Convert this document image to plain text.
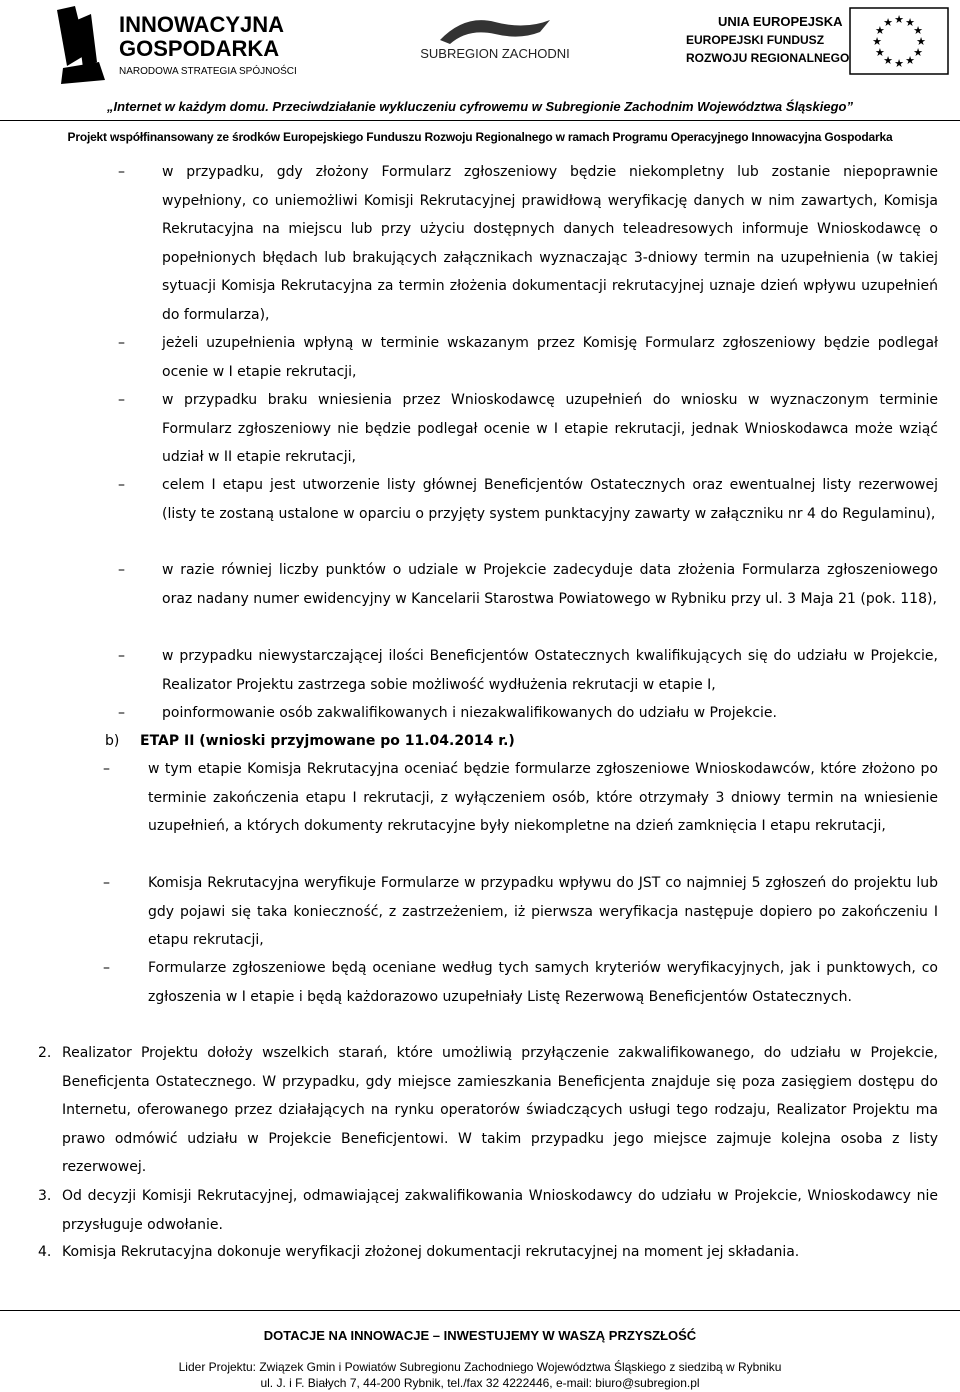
INNOWACYJNA
GOSPODARKA
NARODOWA STRATEGIA SPÓJNOŚCI
SUBREGION ZACHODNI
UNIA EUROPEJSKA
EUROPEJSKI FUNDUSZ
ROZWOJU REGIONALNEGO
★ ★
★
★
★
★
★
★
★
★
★
★
„Internet w każdym domu. Przeciwdziałanie wykluczeniu cyfrowemu w Subregionie Zachodnim Województwa Śląskiego”
Projekt współfinansowany ze środków Europejskiego Funduszu Rozwoju Regionalnego w ramach Programu Operacyjnego Innowacyjna Gospodarka
–	w przypadku, gdy złożony Formularz zgłoszeniowy będzie niekompletny lub zostanie niepoprawnie wypełniony, co uniemożliwi Komisji Rekrutacyjnej prawidłową weryfikację danych w nim zawartych, Komisja Rekrutacyjna na miejscu lub przy użyciu dostępnych danych teleadresowych informuje Wnioskodawcę o popełnionych błędach lub brakujących załącznikach wyznaczając 3-dniowy termin na uzupełnienia (w takiej sytuacji Komisja Rekrutacyjna za termin złożenia dokumentacji rekrutacyjnej uznaje dzień wpływu uzupełnień do formularza),
–	jeżeli uzupełnienia wpłyną w terminie wskazanym przez Komisję Formularz zgłoszeniowy będzie podlegał ocenie w I etapie rekrutacji,
–	w przypadku braku wniesienia przez Wnioskodawcę uzupełnień do wniosku w wyznaczonym terminie Formularz zgłoszeniowy nie będzie podlegał ocenie w I etapie rekrutacji, jednak Wnioskodawca może wziąć udział w II etapie rekrutacji,
–	celem I etapu jest utworzenie listy głównej Beneficjentów Ostatecznych oraz ewentualnej listy rezerwowej (listy te zostaną ustalone w oparciu o przyjęty system punktacyjny zawarty w załączniku nr 4 do Regulaminu),
–	w razie równiej liczby punktów o udziale w Projekcie zadecyduje data złożenia Formularza zgłoszeniowego oraz nadany numer ewidencyjny w Kancelarii Starostwa Powiatowego w Rybniku przy ul. 3 Maja 21 (pok. 118),
–	w przypadku niewystarczającej ilości Beneficjentów Ostatecznych kwalifikujących się do udziału w Projekcie, Realizator Projektu zastrzega sobie możliwość wydłużenia rekrutacji w etapie I,
–	poinformowanie osób zakwalifikowanych i niezakwalifikowanych do udziału w Projekcie.
b) ETAP II (wnioski przyjmowane po 11.04.2014 r.)
–	w tym etapie Komisja Rekrutacyjna oceniać będzie formularze zgłoszeniowe Wnioskodawców, które złożono po terminie zakończenia etapu I rekrutacji, z wyłączeniem osób, które otrzymały 3 dniowy termin na wniesienie uzupełnień, a których dokumenty rekrutacyjne były niekompletne na dzień zamknięcia I etapu rekrutacji,
–	Komisja Rekrutacyjna weryfikuje Formularze w przypadku wpływu do JST co najmniej 5 zgłoszeń do projektu lub gdy pojawi się taka konieczność, z zastrzeżeniem, iż pierwsza weryfikacja następuje dopiero po zakończeniu I etapu rekrutacji,
–	Formularze zgłoszeniowe będą oceniane według tych samych kryteriów weryfikacyjnych, jak i punktowych, co zgłoszenia w I etapie i będą każdorazowo uzupełniały Listę Rezerwową Beneficjentów Ostatecznych.
2. Realizator Projektu dołoży wszelkich starań, które umożliwią przyłączenie zakwalifikowanego, do udziału w Projekcie, Beneficjenta Ostatecznego. W przypadku, gdy miejsce zamieszkania Beneficjenta znajduje się poza zasięgiem dostępu do Internetu, oferowanego przez działających na rynku operatorów świadczących usługi tego rodzaju, Realizator Projektu ma prawo odmówić udziału w Projekcie Beneficjentowi. W takim przypadku jego miejsce zajmuje kolejna osoba z listy rezerwowej.
3. Od decyzji Komisji Rekrutacyjnej, odmawiającej zakwalifikowania Wnioskodawcy do udziału w Projekcie, Wnioskodawcy nie przysługuje odwołanie.
4. Komisja Rekrutacyjna dokonuje weryfikacji złożonej dokumentacji rekrutacyjnej na moment jej składania.
DOTACJE NA INNOWACJE – INWESTUJEMY W WASZĄ PRZYSZŁOŚĆ
Lider Projektu: Związek Gmin i Powiatów Subregionu Zachodniego Województwa Śląskiego z siedzibą w Rybniku
ul. J. i F. Białych 7, 44-200 Rybnik, tel./fax 32 4222446, e-mail: biuro@subregion.pl
